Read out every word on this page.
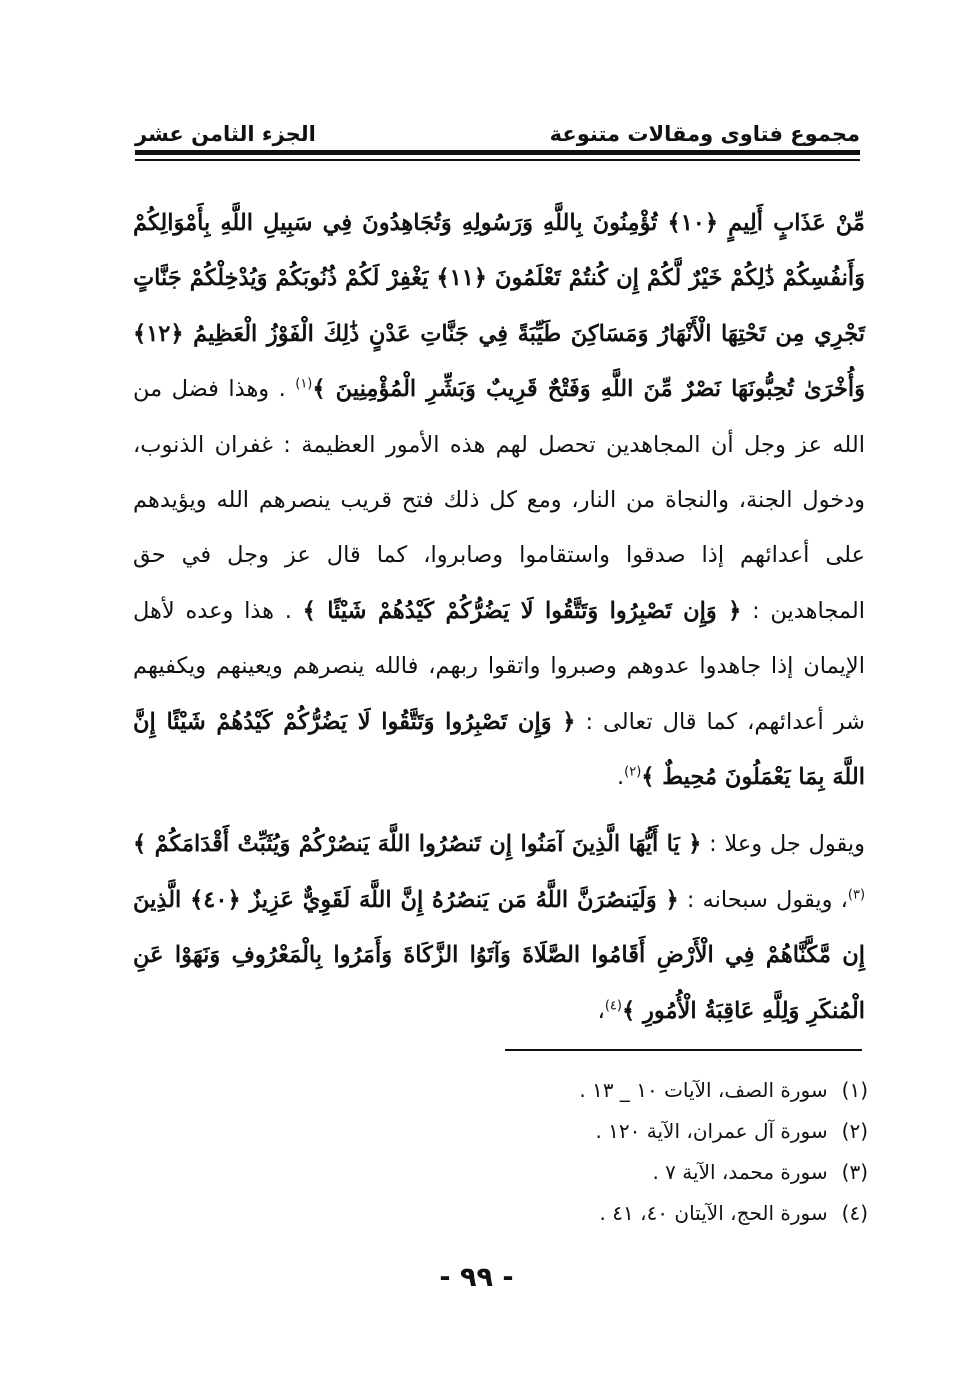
مجموع فتاوى ومقالات متنوعة
الجزء الثامن عشر

مِّنْ عَذَابٍ أَلِيمٍ ﴿١٠﴾ تُؤْمِنُونَ بِاللَّهِ وَرَسُولِهِ وَتُجَاهِدُونَ فِي سَبِيلِ اللَّهِ بِأَمْوَالِكُمْ وَأَنفُسِكُمْ ذَٰلِكُمْ خَيْرٌ لَّكُمْ إِن كُنتُمْ تَعْلَمُونَ ﴿١١﴾ يَغْفِرْ لَكُمْ ذُنُوبَكُمْ وَيُدْخِلْكُمْ جَنَّاتٍ تَجْرِي مِن تَحْتِهَا الْأَنْهَارُ وَمَسَاكِنَ طَيِّبَةً فِي جَنَّاتِ عَدْنٍ ذَٰلِكَ الْفَوْزُ الْعَظِيمُ ﴿١٢﴾ وَأُخْرَىٰ تُحِبُّونَهَا نَصْرٌ مِّنَ اللَّهِ وَفَتْحٌ قَرِيبٌ وَبَشِّرِ الْمُؤْمِنِينَ ﴾$^{(١)}$ . وهذا فضل من الله عز وجل أن المجاهدين تحصل لهم هذه الأمور العظيمة : غفران الذنوب، ودخول الجنة، والنجاة من النار، ومع كل ذلك فتح قريب ينصرهم الله ويؤيدهم على أعدائهم إذا صدقوا واستقاموا وصابروا، كما قال عز وجل في حق المجاهدين : ﴿ وَإِن تَصْبِرُوا وَتَتَّقُوا لَا يَضُرُّكُمْ كَيْدُهُمْ شَيْئًا ﴾ . هذا وعده لأهل الإيمان إذا جاهدوا عدوهم وصبروا واتقوا ربهم، فالله ينصرهم ويعينهم ويكفيهم شر أعدائهم، كما قال تعالى : ﴿ وَإِن تَصْبِرُوا وَتَتَّقُوا لَا يَضُرُّكُمْ كَيْدُهُمْ شَيْئًا إِنَّ اللَّهَ بِمَا يَعْمَلُونَ مُحِيطٌ ﴾$^{(٢)}$.

ويقول جل وعلا : ﴿ يَا أَيُّهَا الَّذِينَ آمَنُوا إِن تَنصُرُوا اللَّهَ يَنصُرْكُمْ وَيُثَبِّتْ أَقْدَامَكُمْ ﴾$^{(٣)}$، ويقول سبحانه : ﴿ وَلَيَنصُرَنَّ اللَّهُ مَن يَنصُرُهُ إِنَّ اللَّهَ لَقَوِيٌّ عَزِيزٌ ﴿٤٠﴾ الَّذِينَ إِن مَّكَّنَّاهُمْ فِي الْأَرْضِ أَقَامُوا الصَّلَاةَ وَآتَوُا الزَّكَاةَ وَأَمَرُوا بِالْمَعْرُوفِ وَنَهَوْا عَنِ الْمُنكَرِ وَلِلَّهِ عَاقِبَةُ الْأُمُورِ ﴾$^{(٤)}$،

(١)
سورة الصف، الآيات ١٠ _ ١٣ .
(٢)
سورة آل عمران، الآية ١٢٠ .
(٣)
سورة محمد، الآية ٧ .
(٤)
سورة الحج، الآيتان ٤٠، ٤١ .
- ٩٩ -
